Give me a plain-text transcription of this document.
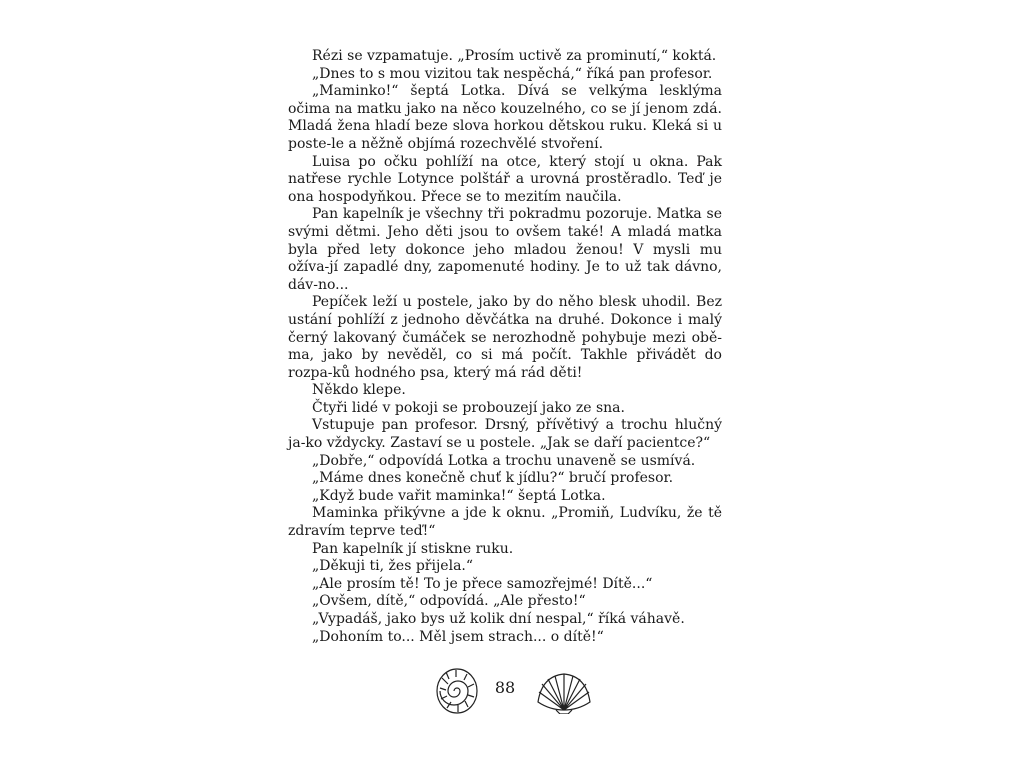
Rézi se vzpamatuje. „Prosím uctivě za prominutí,“ koktá.

„Dnes to s mou vizitou tak nespěchá,“ říká pan profesor.

„Maminko!“ šeptá Lotka. Dívá se velkýma lesklýma očima na matku jako na něco kouzelného, co se jí jenom zdá. Mladá žena hladí beze slova horkou dětskou ruku. Kleká si u poste-le a něžně objímá rozechvělé stvoření.

Luisa po očku pohlíží na otce, který stojí u okna. Pak natřese rychle Lotynce polštář a urovná prostěradlo. Teď je ona hospodyňkou. Přece se to mezitím naučila.

Pan kapelník je všechny tři pokradmu pozoruje. Matka se svými dětmi. Jeho děti jsou to ovšem také! A mladá matka byla před lety dokonce jeho mladou ženou! V mysli mu ožíva-jí zapadlé dny, zapomenuté hodiny. Je to už tak dávno, dáv-no...

Pepíček leží u postele, jako by do něho blesk uhodil. Bez ustání pohlíží z jednoho děvčátka na druhé. Dokonce i malý černý lakovaný čumáček se nerozhodně pohybuje mezi obě-ma, jako by nevěděl, co si má počít. Takhle přivádět do rozpa-ků hodného psa, který má rád děti!

Někdo klepe.

Čtyři lidé v pokoji se probouzejí jako ze sna.

Vstupuje pan profesor. Drsný, přívětivý a trochu hlučný ja-ko vždycky. Zastaví se u postele. „Jak se daří pacientce?“

„Dobře,“ odpovídá Lotka a trochu unaveně se usmívá.

„Máme dnes konečně chuť k jídlu?“ bručí profesor.

„Když bude vařit maminka!“ šeptá Lotka.

Maminka přikývne a jde k oknu. „Promiň, Ludvíku, že tě zdravím teprve teď!“

Pan kapelník jí stiskne ruku.

„Děkuji ti, žes přijela.“

„Ale prosím tě! To je přece samozřejmé! Dítě...“

„Ovšem, dítě,“ odpovídá. „Ale přesto!“

„Vypadáš, jako bys už kolik dní nespal,“ říká váhavě.

„Dohoním to... Měl jsem strach... o dítě!“

88
